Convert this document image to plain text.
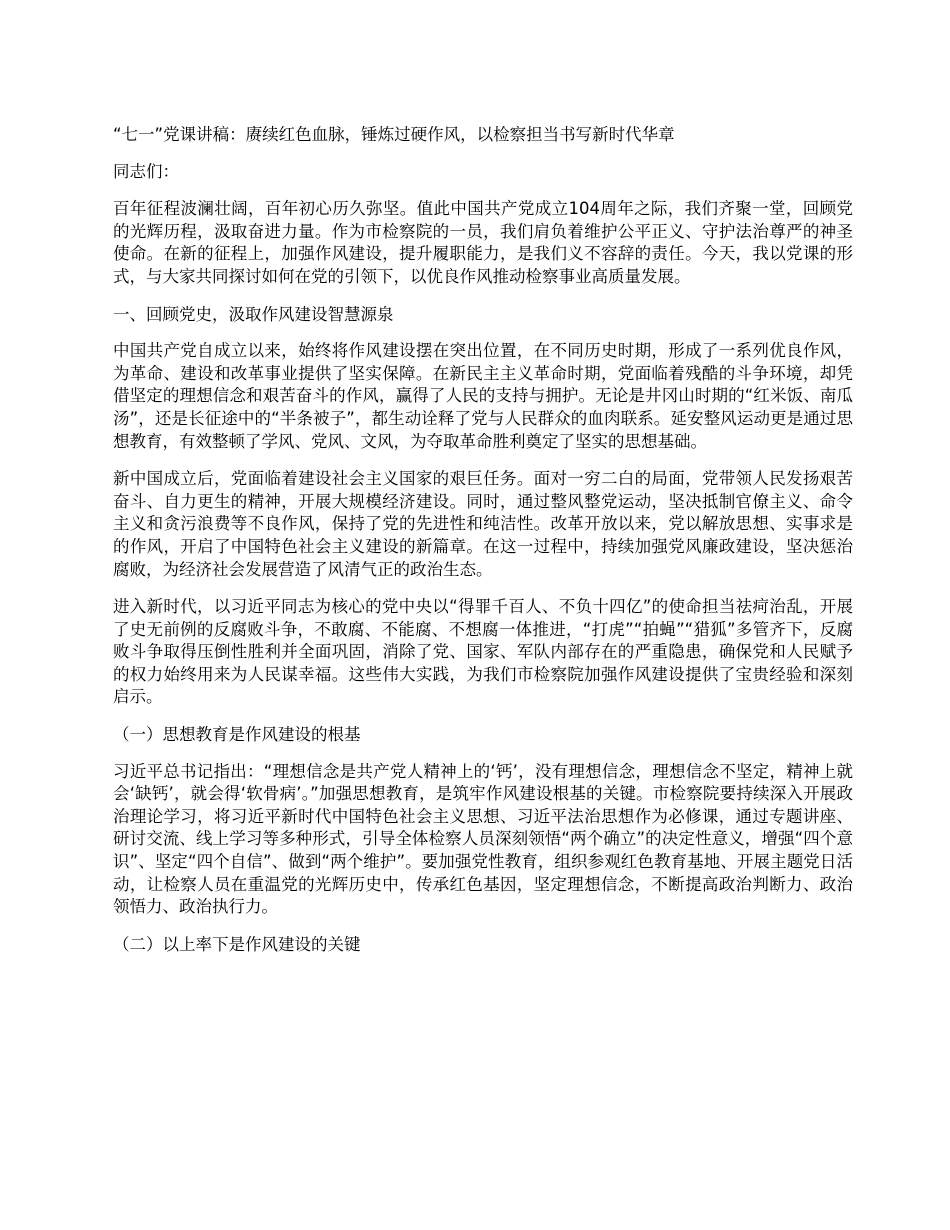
“七一”党课讲稿：赓续红色血脉，锤炼过硬作风，以检察担当书写新时代华章

同志们：

百年征程波澜壮阔，百年初心历久弥坚。值此中国共产党成立104周年之际，我们齐聚一堂，回顾党的光辉历程，汲取奋进力量。作为市检察院的一员，我们肩负着维护公平正义、守护法治尊严的神圣使命。在新的征程上，加强作风建设，提升履职能力，是我们义不容辞的责任。今天，我以党课的形式，与大家共同探讨如何在党的引领下，以优良作风推动检察事业高质量发展。

一、回顾党史，汲取作风建设智慧源泉

中国共产党自成立以来，始终将作风建设摆在突出位置，在不同历史时期，形成了一系列优良作风，为革命、建设和改革事业提供了坚实保障。在新民主主义革命时期，党面临着残酷的斗争环境，却凭借坚定的理想信念和艰苦奋斗的作风，赢得了人民的支持与拥护。无论是井冈山时期的“红米饭、南瓜汤”，还是长征途中的“半条被子”，都生动诠释了党与人民群众的血肉联系。延安整风运动更是通过思想教育，有效整顿了学风、党风、文风，为夺取革命胜利奠定了坚实的思想基础。

新中国成立后，党面临着建设社会主义国家的艰巨任务。面对一穷二白的局面，党带领人民发扬艰苦奋斗、自力更生的精神，开展大规模经济建设。同时，通过整风整党运动，坚决抵制官僚主义、命令主义和贪污浪费等不良作风，保持了党的先进性和纯洁性。改革开放以来，党以解放思想、实事求是的作风，开启了中国特色社会主义建设的新篇章。在这一过程中，持续加强党风廉政建设，坚决惩治腐败，为经济社会发展营造了风清气正的政治生态。

进入新时代，以习近平同志为核心的党中央以“得罪千百人、不负十四亿”的使命担当祛疴治乱，开展了史无前例的反腐败斗争，不敢腐、不能腐、不想腐一体推进，“打虎”“拍蝇”“猎狐”多管齐下，反腐败斗争取得压倒性胜利并全面巩固，消除了党、国家、军队内部存在的严重隐患，确保党和人民赋予的权力始终用来为人民谋幸福。这些伟大实践，为我们市检察院加强作风建设提供了宝贵经验和深刻启示。

（一）思想教育是作风建设的根基

习近平总书记指出：“理想信念是共产党人精神上的‘钙’，没有理想信念，理想信念不坚定，精神上就会‘缺钙’，就会得‘软骨病’。”加强思想教育，是筑牢作风建设根基的关键。市检察院要持续深入开展政治理论学习，将习近平新时代中国特色社会主义思想、习近平法治思想作为必修课，通过专题讲座、研讨交流、线上学习等多种形式，引导全体检察人员深刻领悟“两个确立”的决定性意义，增强“四个意识”、坚定“四个自信”、做到“两个维护”。要加强党性教育，组织参观红色教育基地、开展主题党日活动，让检察人员在重温党的光辉历史中，传承红色基因，坚定理想信念，不断提高政治判断力、政治领悟力、政治执行力。

（二）以上率下是作风建设的关键
